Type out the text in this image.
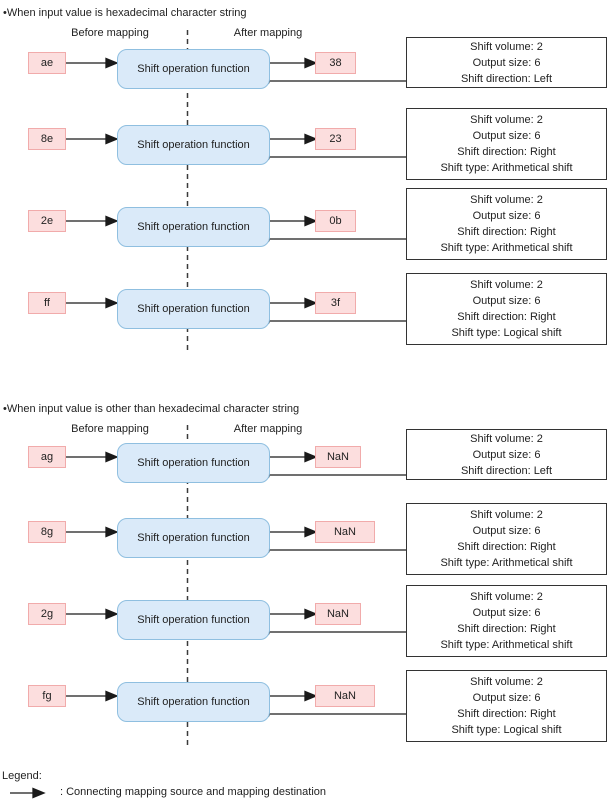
•When input value is hexadecimal character string
Before mapping	After mapping
ae	Shift operation function	38
Shift volume: 2
Output size: 6
Shift direction: Left
8e	Shift operation function	23
Shift volume: 2
Output size: 6
Shift direction: Right
Shift type: Arithmetical shift
2e	Shift operation function	0b
Shift volume: 2
Output size: 6
Shift direction: Right
Shift type: Arithmetical shift
ff	Shift operation function	3f
Shift volume: 2
Output size: 6
Shift direction: Right
Shift type: Logical shift
•When input value is other than hexadecimal character string
Before mapping	After mapping
ag	Shift operation function	NaN
Shift volume: 2
Output size: 6
Shift direction: Left
8g	Shift operation function	NaN
Shift volume: 2
Output size: 6
Shift direction: Right
Shift type: Arithmetical shift
2g	Shift operation function	NaN
Shift volume: 2
Output size: 6
Shift direction: Right
Shift type: Arithmetical shift
fg	Shift operation function	NaN
Shift volume: 2
Output size: 6
Shift direction: Right
Shift type: Logical shift
Legend:
: Connecting mapping source and mapping destination
